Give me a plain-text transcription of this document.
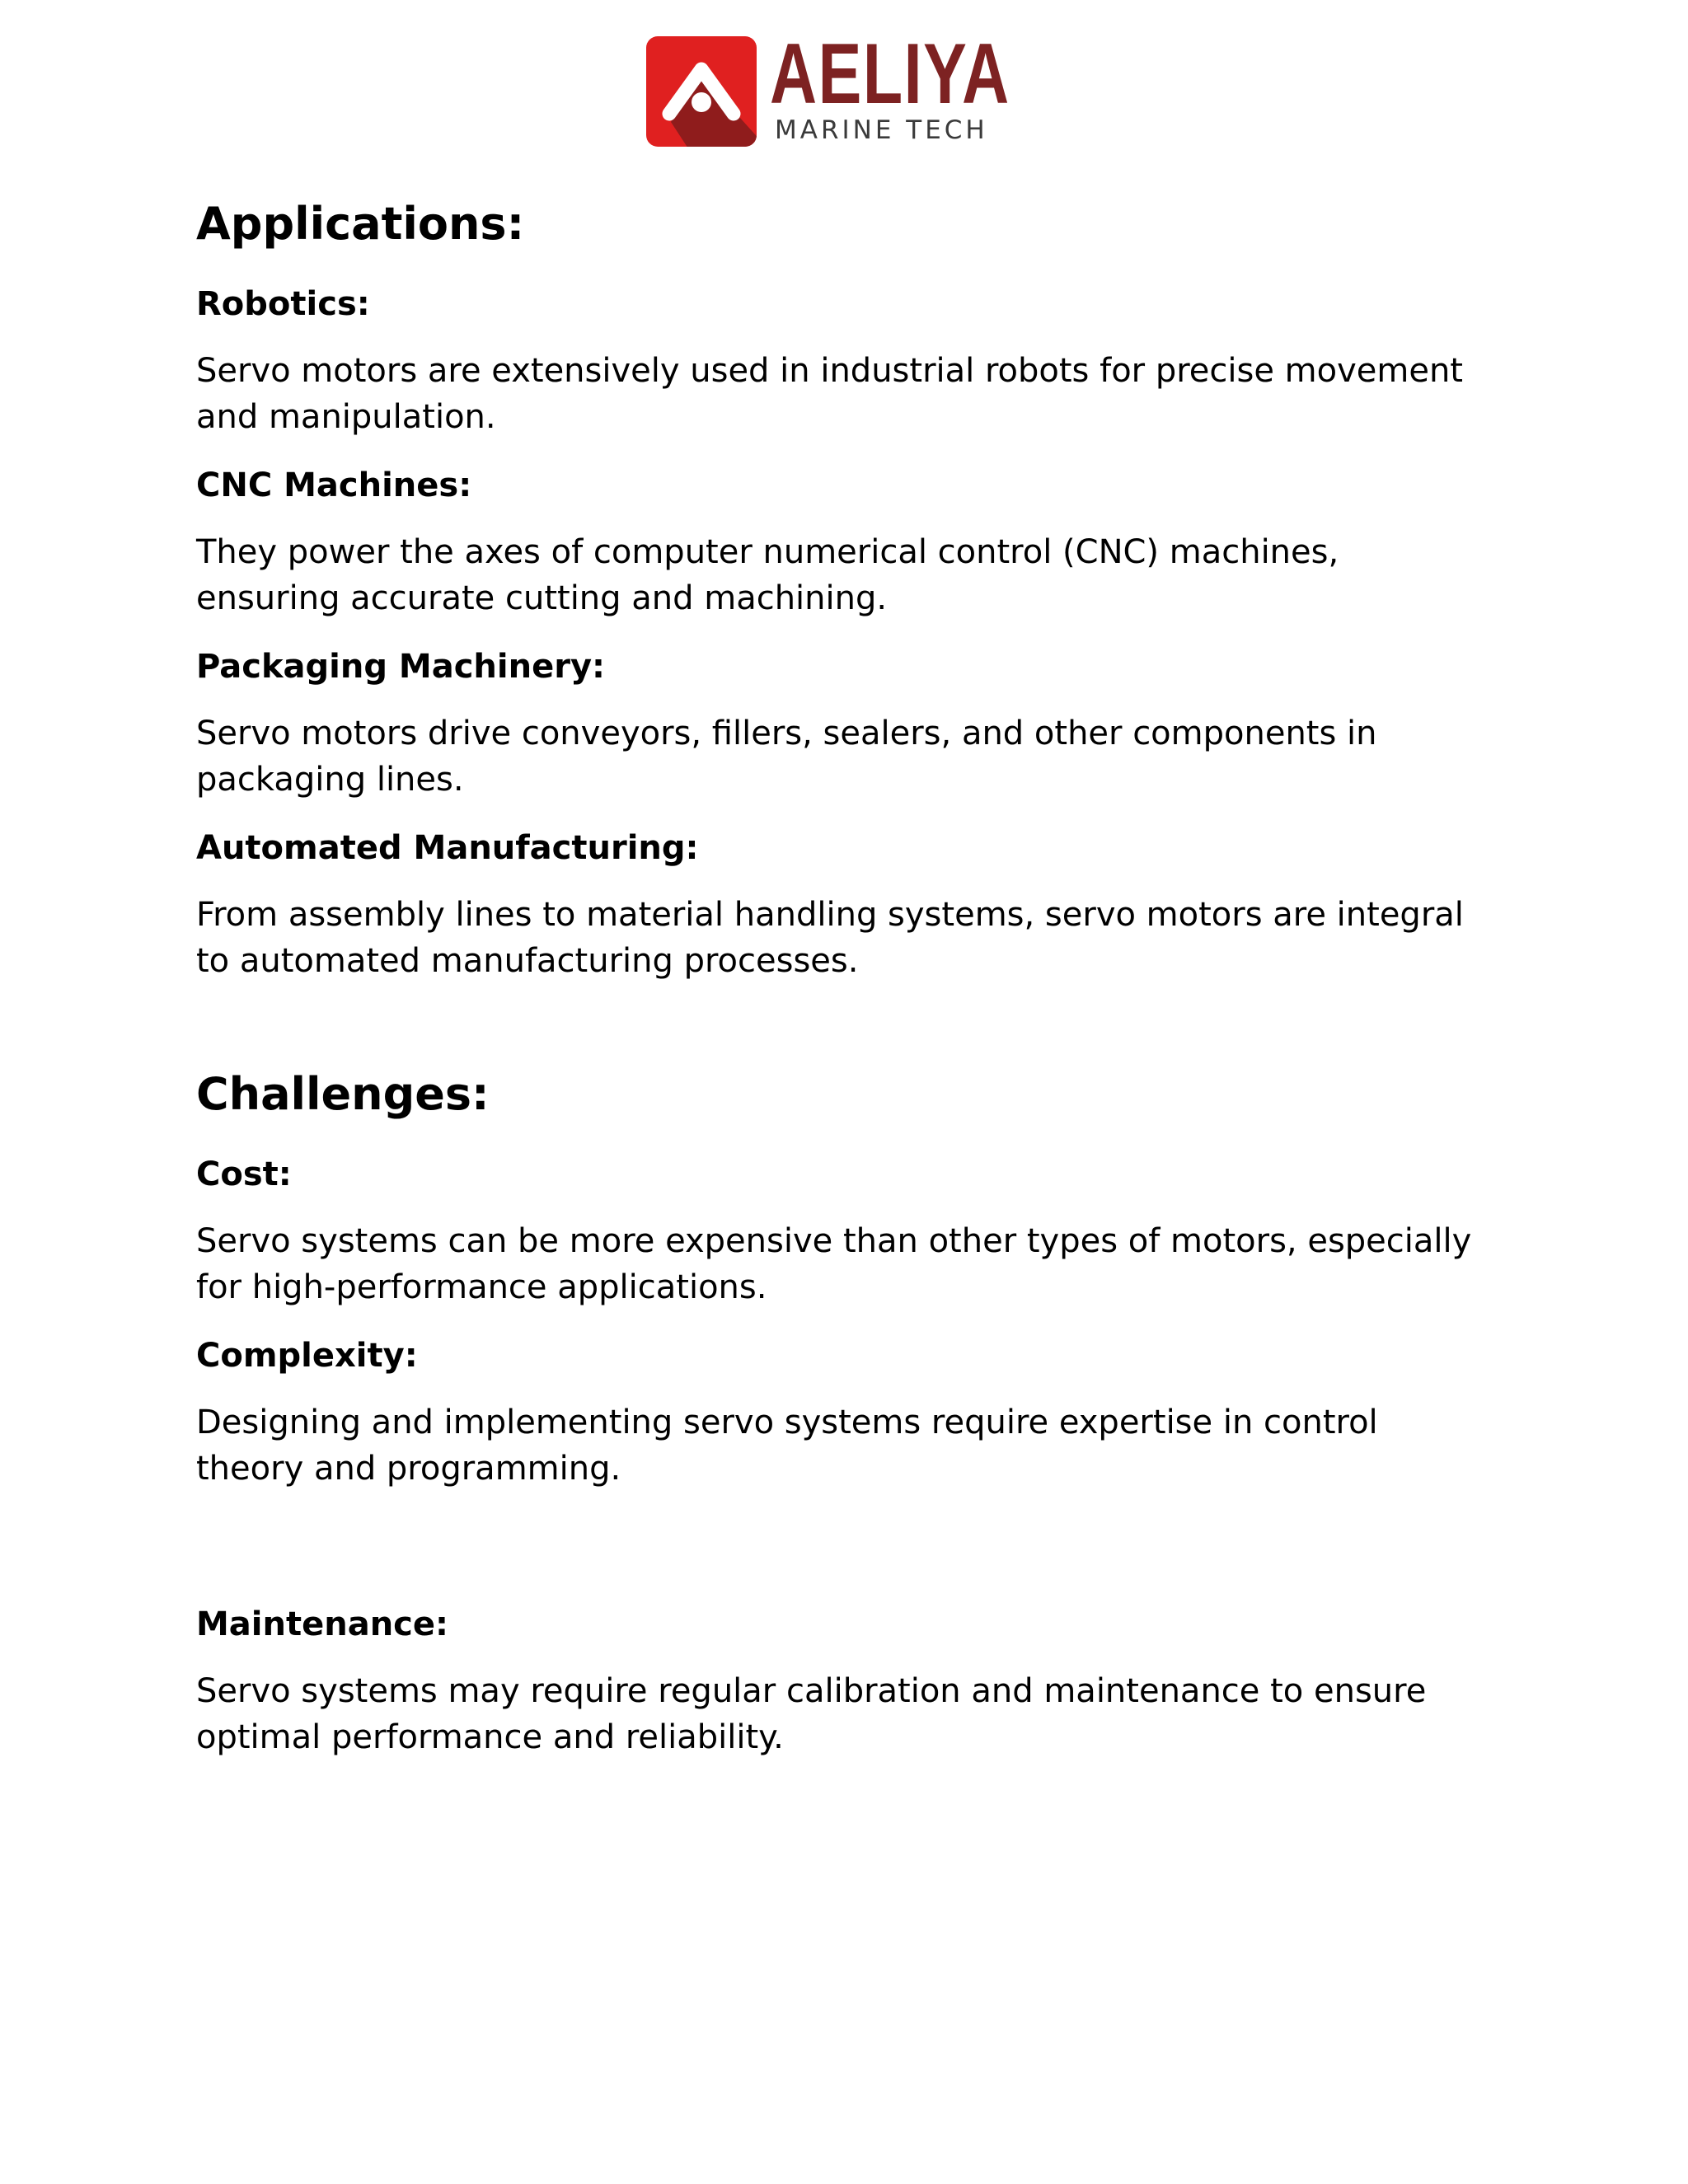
AELIYA
MARINE TECH
Applications:
Robotics:

Servo motors are extensively used in industrial robots for precise movement and manipulation.

CNC Machines:

They power the axes of computer numerical control (CNC) machines, ensuring accurate cutting and machining.

Packaging Machinery:

Servo motors drive conveyors, fillers, sealers, and other components in packaging lines.

Automated Manufacturing:

From assembly lines to material handling systems, servo motors are integral to automated manufacturing processes.

Challenges:
Cost:

Servo systems can be more expensive than other types of motors, especially for high-performance applications.

Complexity:

Designing and implementing servo systems require expertise in control theory and programming.

Maintenance:

Servo systems may require regular calibration and maintenance to ensure optimal performance and reliability.
